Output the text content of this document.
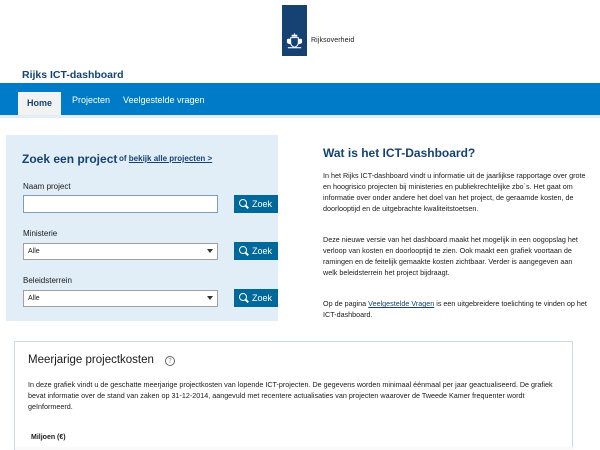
Rijksoverheid
Rijks ICT-dashboard
Home	Projecten Veelgestelde vragen
Zoek een project of bekijk alle projecten >
Naam project
Zoek
Ministerie
Alle	Zoek
Beleidsterrein
Alle	Zoek
Wat is het ICT-Dashboard?
In het Rijks ICT-dashboard vindt u informatie uit de jaarlijkse rapportage over grote en hoogrisico projecten bij ministeries en publiekrechtelijke zbo`s. Het gaat om informatie over onder andere het doel van het project, de geraamde kosten, de doorlooptijd en de uitgebrachte kwaliteitstoetsen.
Deze nieuwe versie van het dashboard maakt het mogelijk in een oogopslag het verloop van kosten en doorlooptijd te zien. Ook maakt een grafiek voortaan de ramingen en de feitelijk gemaakte kosten zichtbaar. Verder is aangegeven aan welk beleidsterrein het project bijdraagt.
Op de pagina Veelgestelde Vragen is een uitgebreidere toelichting te vinden op het ICT-dashboard.
Meerjarige projectkosten	?
In deze grafiek vindt u de geschatte meerjarige projectkosten van lopende ICT-projecten. De gegevens worden minimaal éénmaal per jaar geactualiseerd. De grafiek bevat informatie over de stand van zaken op 31-12-2014, aangevuld met recentere actualisaties van projecten waarover de Tweede Kamer frequenter wordt geïnformeerd.
Miljoen (€)
